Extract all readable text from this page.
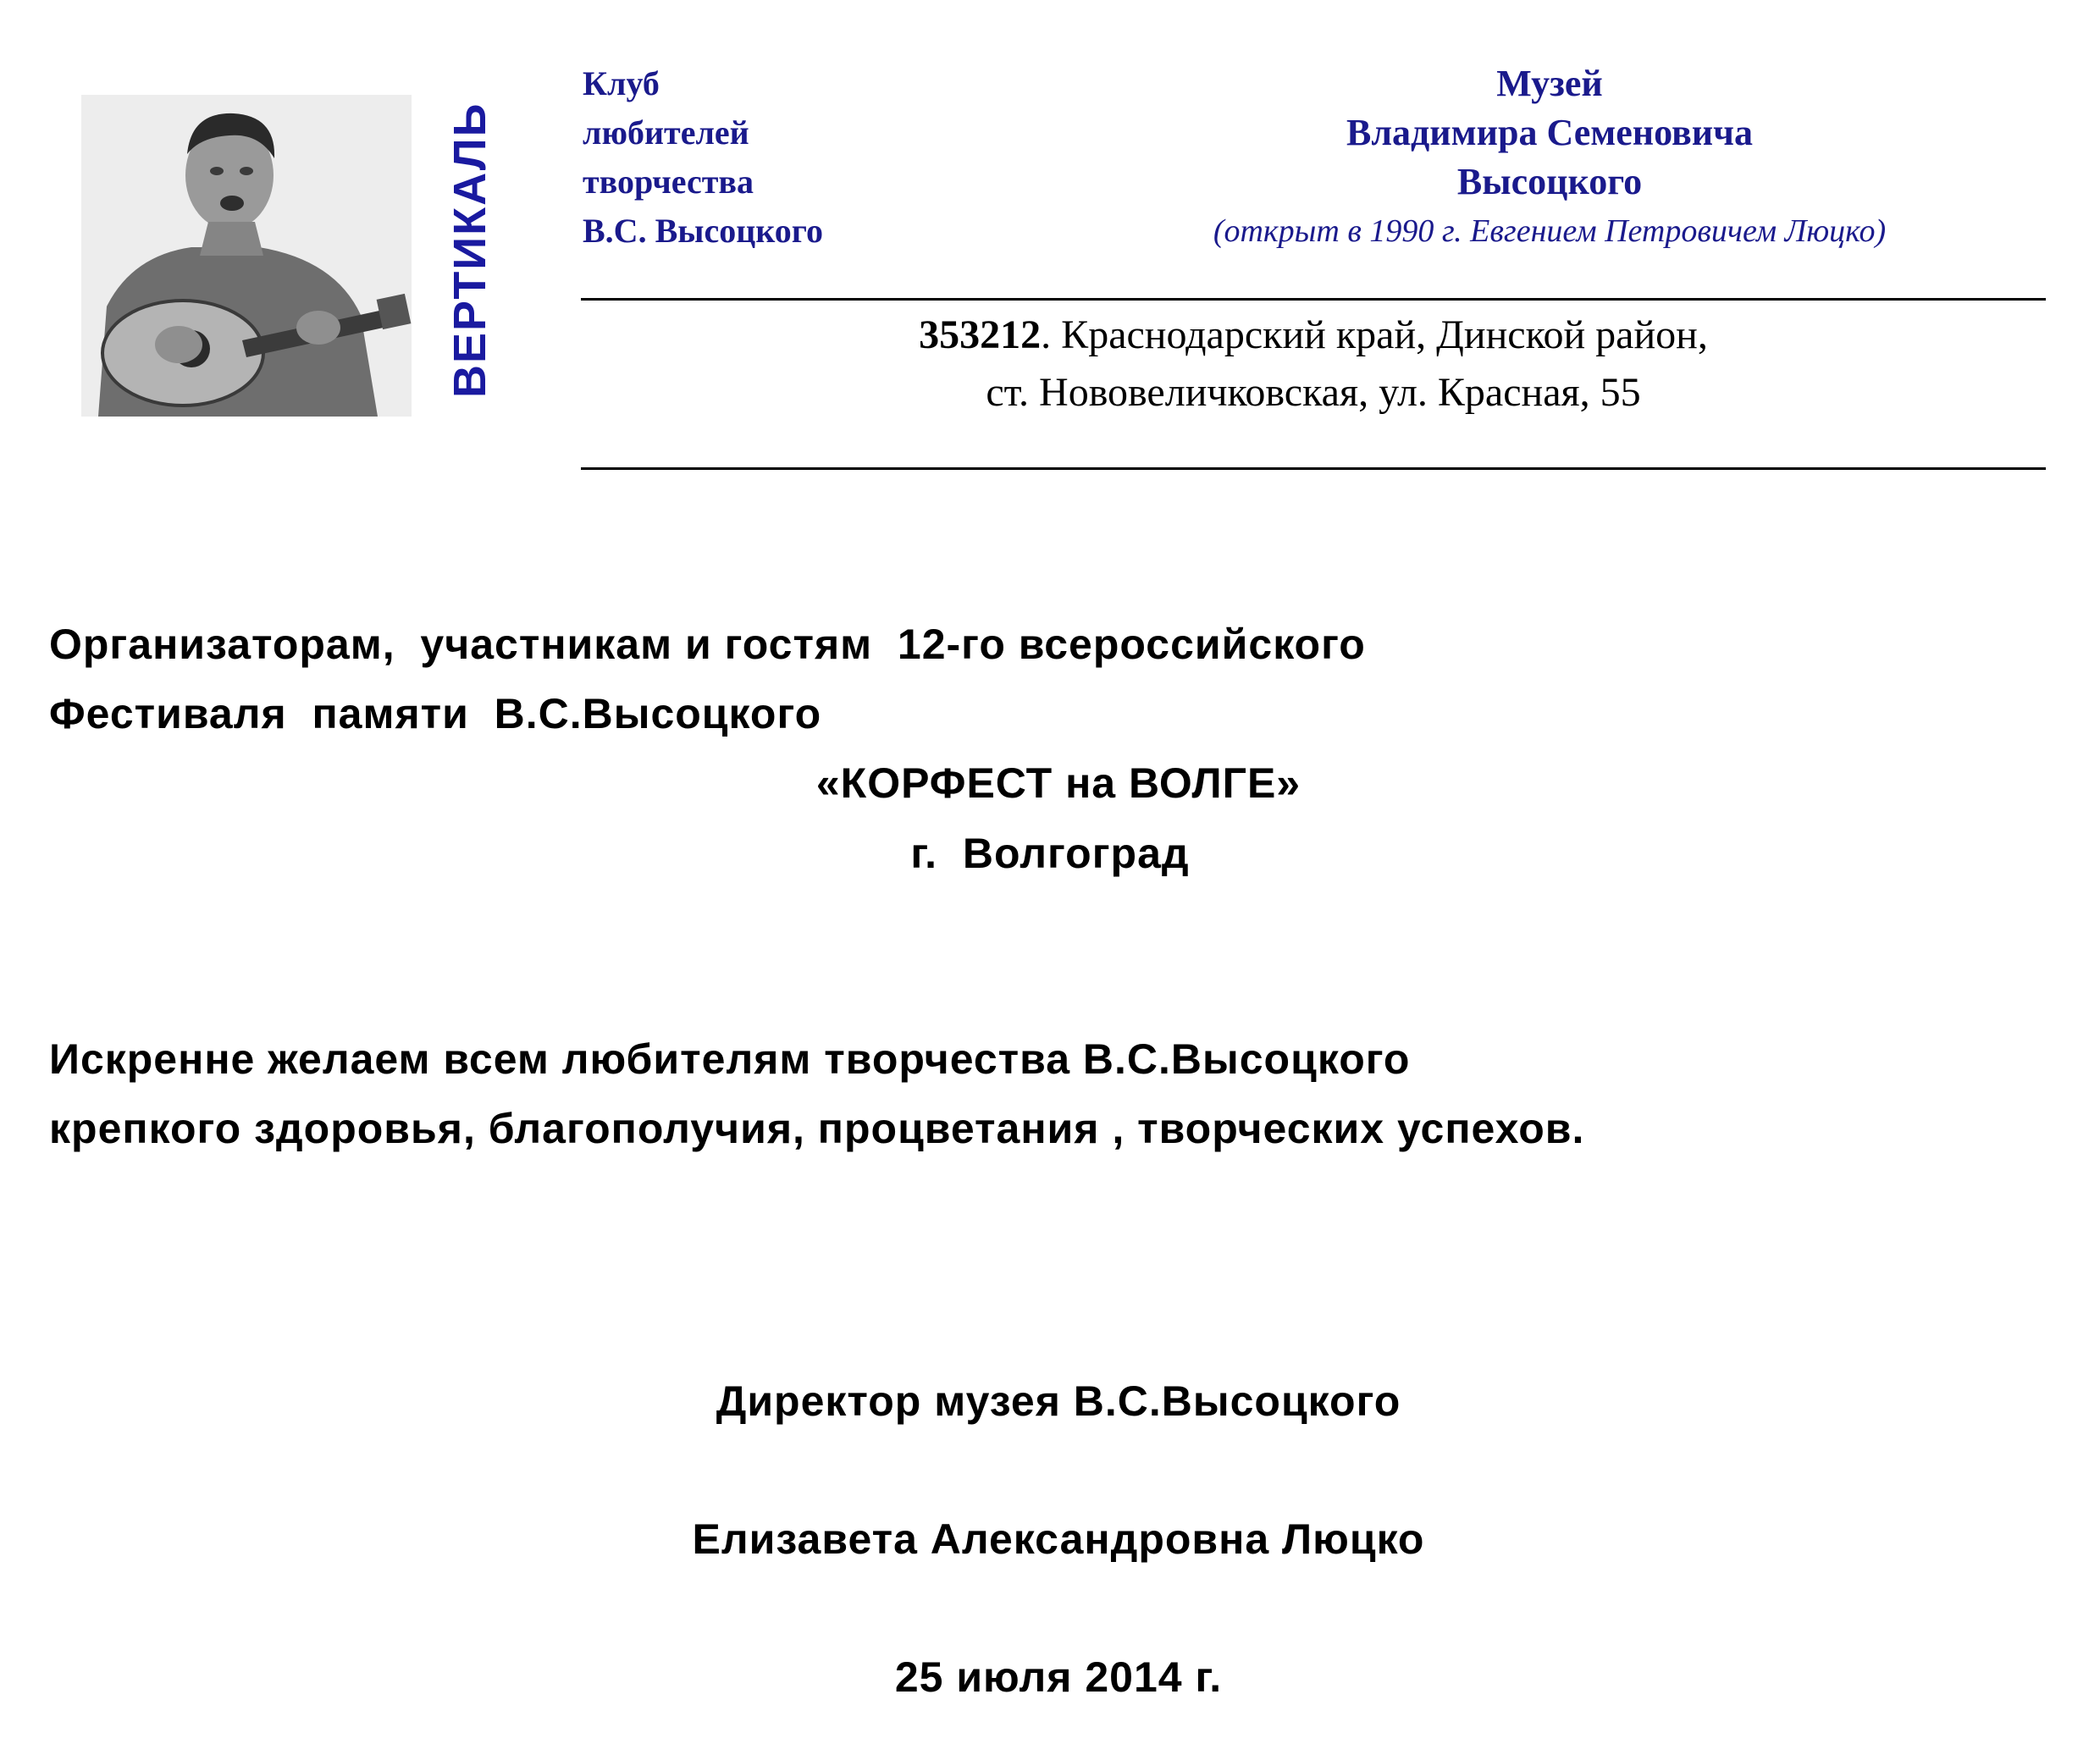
ВЕРТИКАЛЬ
Клуб
любителей
творчества
В.С. Высоцкого
Музей
Владимира Семеновича
Высоцкого
(открыт в 1990 г. Евгением Петровичем Люцко)
353212. Краснодарский край, Динской район,
ст. Нововеличковская, ул. Красная, 55
Организаторам,  участникам и гостям  12-го всероссийского
Фестиваля  памяти  В.С.Высоцкого
«КОРФЕСТ на ВОЛГЕ»
г.  Волгоград
Искренне желаем всем любителям творчества В.С.Высоцкого
крепкого здоровья, благополучия, процветания , творческих успехов.
Директор музея В.С.Высоцкого
Елизавета Александровна Люцко
25 июля 2014 г.
